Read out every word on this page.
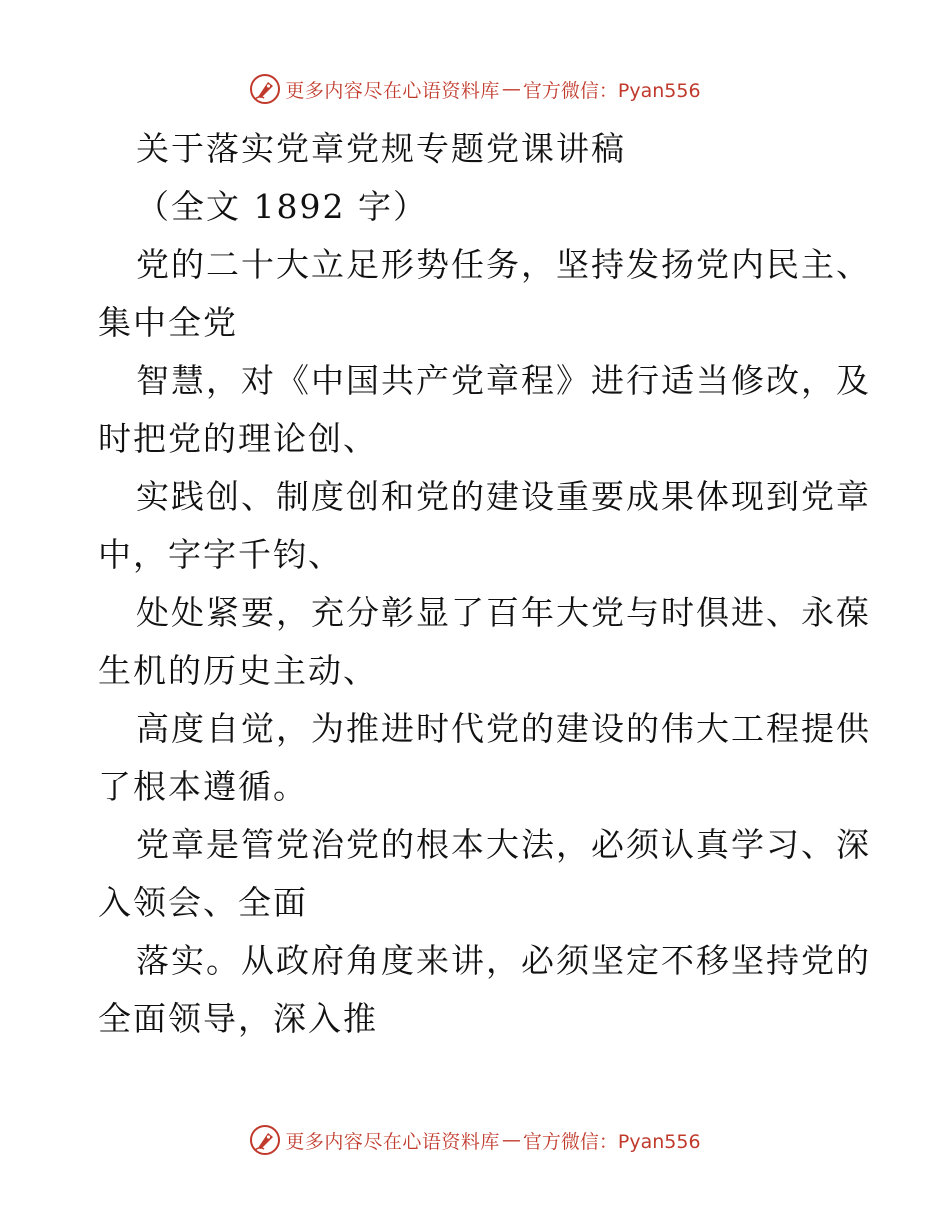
更多内容尽在心语资料库 — 官方微信：Pyan556
关于落实党章党规专题党课讲稿
（全文 1892 字）
党的二十大立足形势任务，坚持发扬党内民主、
集中全党
智慧，对《中国共产党章程》进行适当修改，及
时把党的理论创、
实践创、制度创和党的建设重要成果体现到党章
中，字字千钧、
处处紧要，充分彰显了百年大党与时俱进、永葆
生机的历史主动、
高度自觉，为推进时代党的建设的伟大工程提供
了根本遵循。
党章是管党治党的根本大法，必须认真学习、深
入领会、全面
落实。从政府角度来讲，必须坚定不移坚持党的
全面领导，深入推
更多内容尽在心语资料库 — 官方微信：Pyan556
